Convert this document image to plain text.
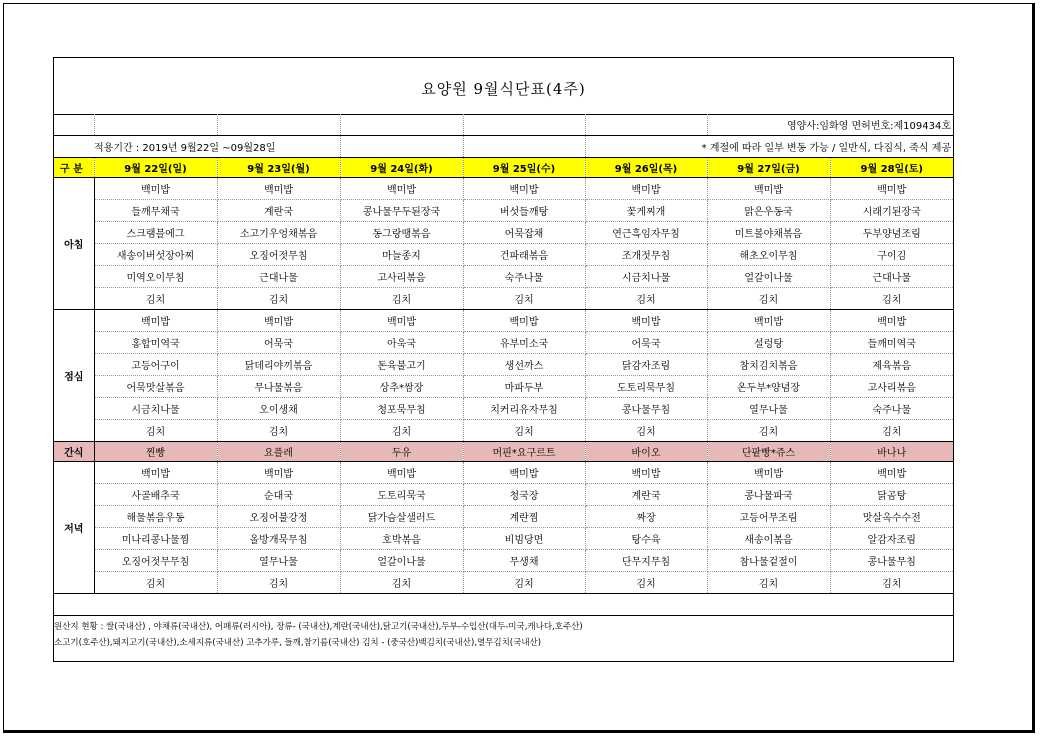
요양원 9월식단표(4주)
						영양사:임화영 면허번호:제109434호	
적용기간 : 2019년 9월22일 ~09월28일					* 계절에 따라 일부 변동 가능 / 일반식, 다짐식, 죽식 제공		
구 분	9월 22일(일)	9월 23일(월)	9월 24일(화)	9월 25일(수)	9월 26일(목)	9월 27일(금)	9월 28일(토)
아침	백미밥	백미밥	백미밥	백미밥	백미밥	백미밥	백미밥
	들깨무채국	계란국	콩나물무두된장국	버섯들깨탕	꽃게찌개	맑은우동국	시래기된장국
	스크램블에그	소고기우엉채볶음	동그랑땡볶음	어묵잡채	연근흑임자무침	미트볼야채볶음	두부양념조림
	새송이버섯장아찌	오징어젓무침	마늘종지	건파래볶음	조개젓무침	해초오이무침	구이김
	미역오이무침	근대나물	고사리볶음	숙주나물	시금치나물	얼갈이나물	근대나물
	김치	김치	김치	김치	김치	김치	김치
점심	백미밥	백미밥	백미밥	백미밥	백미밥	백미밥	백미밥
	홍합미역국	어묵국	아욱국	유부미소국	어묵국	설렁탕	들깨미역국
	고등어구이	닭데리야끼볶음	돈육불고기	생선까스	닭감자조림	참치김치볶음	제육볶음
	어묵맛살볶음	무나물볶음	상추*쌈장	마파두부	도토리묵무침	온두부*양념장	고사리볶음
	시금치나물	오이생채	청포묵무침	치커리유자무침	콩나물무침	열무나물	숙주나물
	김치	김치	김치	김치	김치	김치	김치
간식	찐빵	요플레	두유	머핀*요구르트	바이오	단팥빵*쥬스	바나나
저녁	백미밥	백미밥	백미밥	백미밥	백미밥	백미밥	백미밥
	사골배추국	순대국	도토리묵국	청국장	계란국	콩나물파국	닭곰탕
	해물볶음우동	오징어불강정	닭가슴살샐러드	계란찜	짜장	고등어무조림	맛살옥수수전
	미나리콩나물찜	올방개묵무침	호박볶음	비빔당면	탕수육	새송이볶음	알감자조림
	오징어젓무무침	열무나물	얼갈이나물	무생채	단무지무침	참나물겉절이	콩나물무침
	김치	김치	김치	김치	김치	김치	김치
원산지 현황 : 쌀(국내산) , 야채류(국내산), 어패류(러시아), 장류- (국내산),계란(국내산),닭고기(국내산),두부-수입산(대두-미국,캐나다,호주산)
소고기(호주산),돼지고기(국내산),소세지류(국내산) 고추가루, 들깨,참기름(국내산) 김치 - (중국산)백김치(국내산),열무김치(국내산)
